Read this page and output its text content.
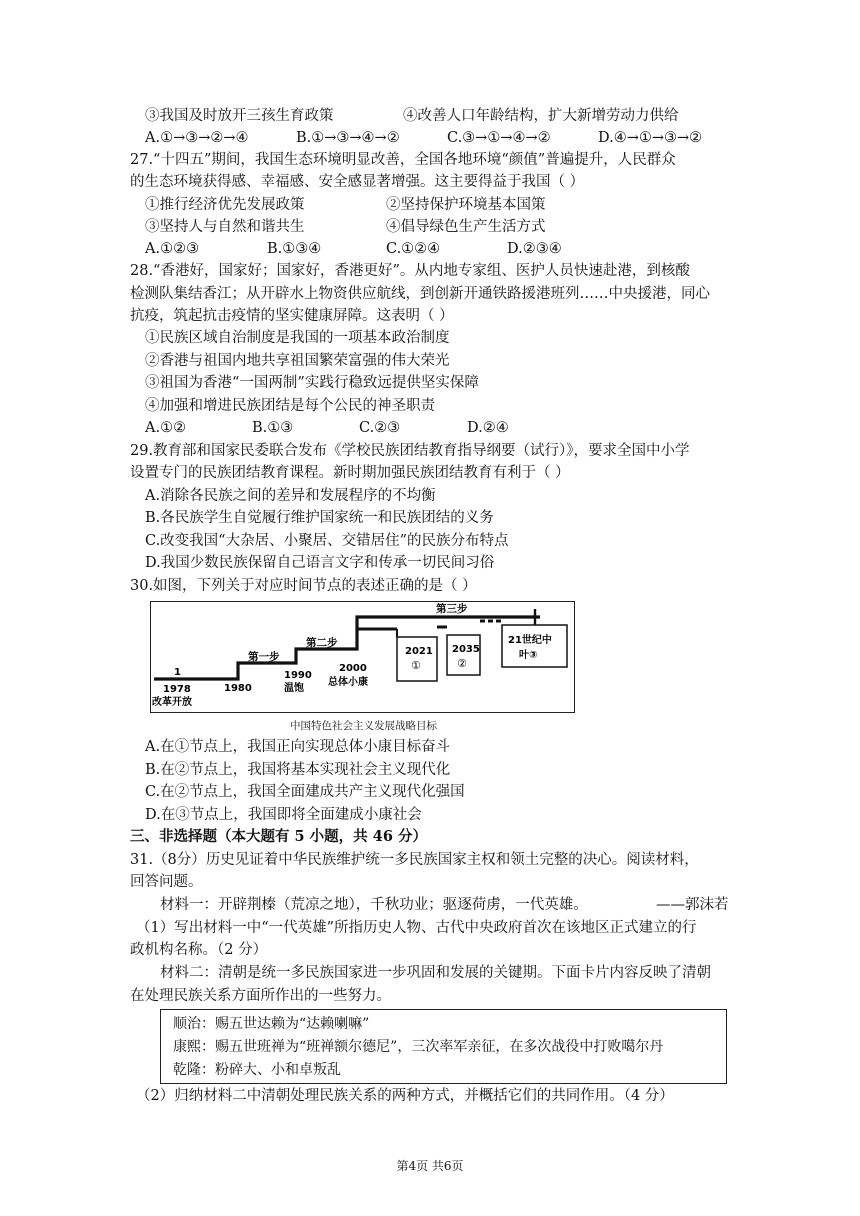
③我国及时放开三孩生育政策	④改善人口年龄结构，扩大新增劳动力供给
A.①→③→②→④	B.①→③→④→②	C.③→①→④→②	D.④→①→③→②
27.“十四五”期间，我国生态环境明显改善，全国各地环境“颜值”普遍提升，人民群众
的生态环境获得感、幸福感、安全感显著增强。这主要得益于我国（ ）
①推行经济优先发展政策	②坚持保护环境基本国策
③坚持人与自然和谐共生	④倡导绿色生产生活方式
A.①②③	B.①③④	C.①②④	D.②③④
28.“香港好，国家好；国家好，香港更好”。从内地专家组、医护人员快速赴港，到核酸
检测队集结香江；从开辟水上物资供应航线，到创新开通铁路援港班列……中央援港，同心
抗疫，筑起抗击疫情的坚实健康屏障。这表明（ ）
①民族区域自治制度是我国的一项基本政治制度
②香港与祖国内地共享祖国繁荣富强的伟大荣光
③祖国为香港“一国两制”实践行稳致远提供坚实保障
④加强和增进民族团结是每个公民的神圣职责
A.①②	B.①③	C.②③	D.②④
29.教育部和国家民委联合发布《学校民族团结教育指导纲要（试行）》，要求全国中小学
设置专门的民族团结教育课程。新时期加强民族团结教育有利于（ ）
A.消除各民族之间的差异和发展程序的不均衡
B.各民族学生自觉履行维护国家统一和民族团结的义务
C.改变我国“大杂居、小聚居、交错居住”的民族分布特点
D.我国少数民族保留自己语言文字和传承一切民间习俗
30.如图，下列关于对应时间节点的表述正确的是（ ）
第三步
第一步
第二步
1
1978
改革开放
1980
1990
温饱
2000
总体小康
2021
①
2035
②
21世纪中
叶③
中国特色社会主义发展战略目标
A.在①节点上，我国正向实现总体小康目标奋斗
B.在②节点上，我国将基本实现社会主义现代化
C.在②节点上，我国全面建成共产主义现代化强国
D.在③节点上，我国即将全面建成小康社会
三、非选择题（本大题有 5 小题，共 46 分）
31.（8分）历史见证着中华民族维护统一多民族国家主权和领土完整的决心。阅读材料，
回答问题。
材料一：开辟荆榛（荒凉之地），千秋功业；驱逐荷虏，一代英雄。	——郭沫若
（1）写出材料一中“一代英雄”所指历史人物、古代中央政府首次在该地区正式建立的行
政机构名称。（2 分）
材料二：清朝是统一多民族国家进一步巩固和发展的关键期。下面卡片内容反映了清朝
在处理民族关系方面所作出的一些努力。
顺治：赐五世达赖为“达赖喇嘛”
康熙：赐五世班禅为“班禅额尔德尼”，三次率军亲征，在多次战役中打败噶尔丹
乾隆：粉碎大、小和卓叛乱
（2）归纳材料二中清朝处理民族关系的两种方式，并概括它们的共同作用。（4 分）
第4页 共6页
